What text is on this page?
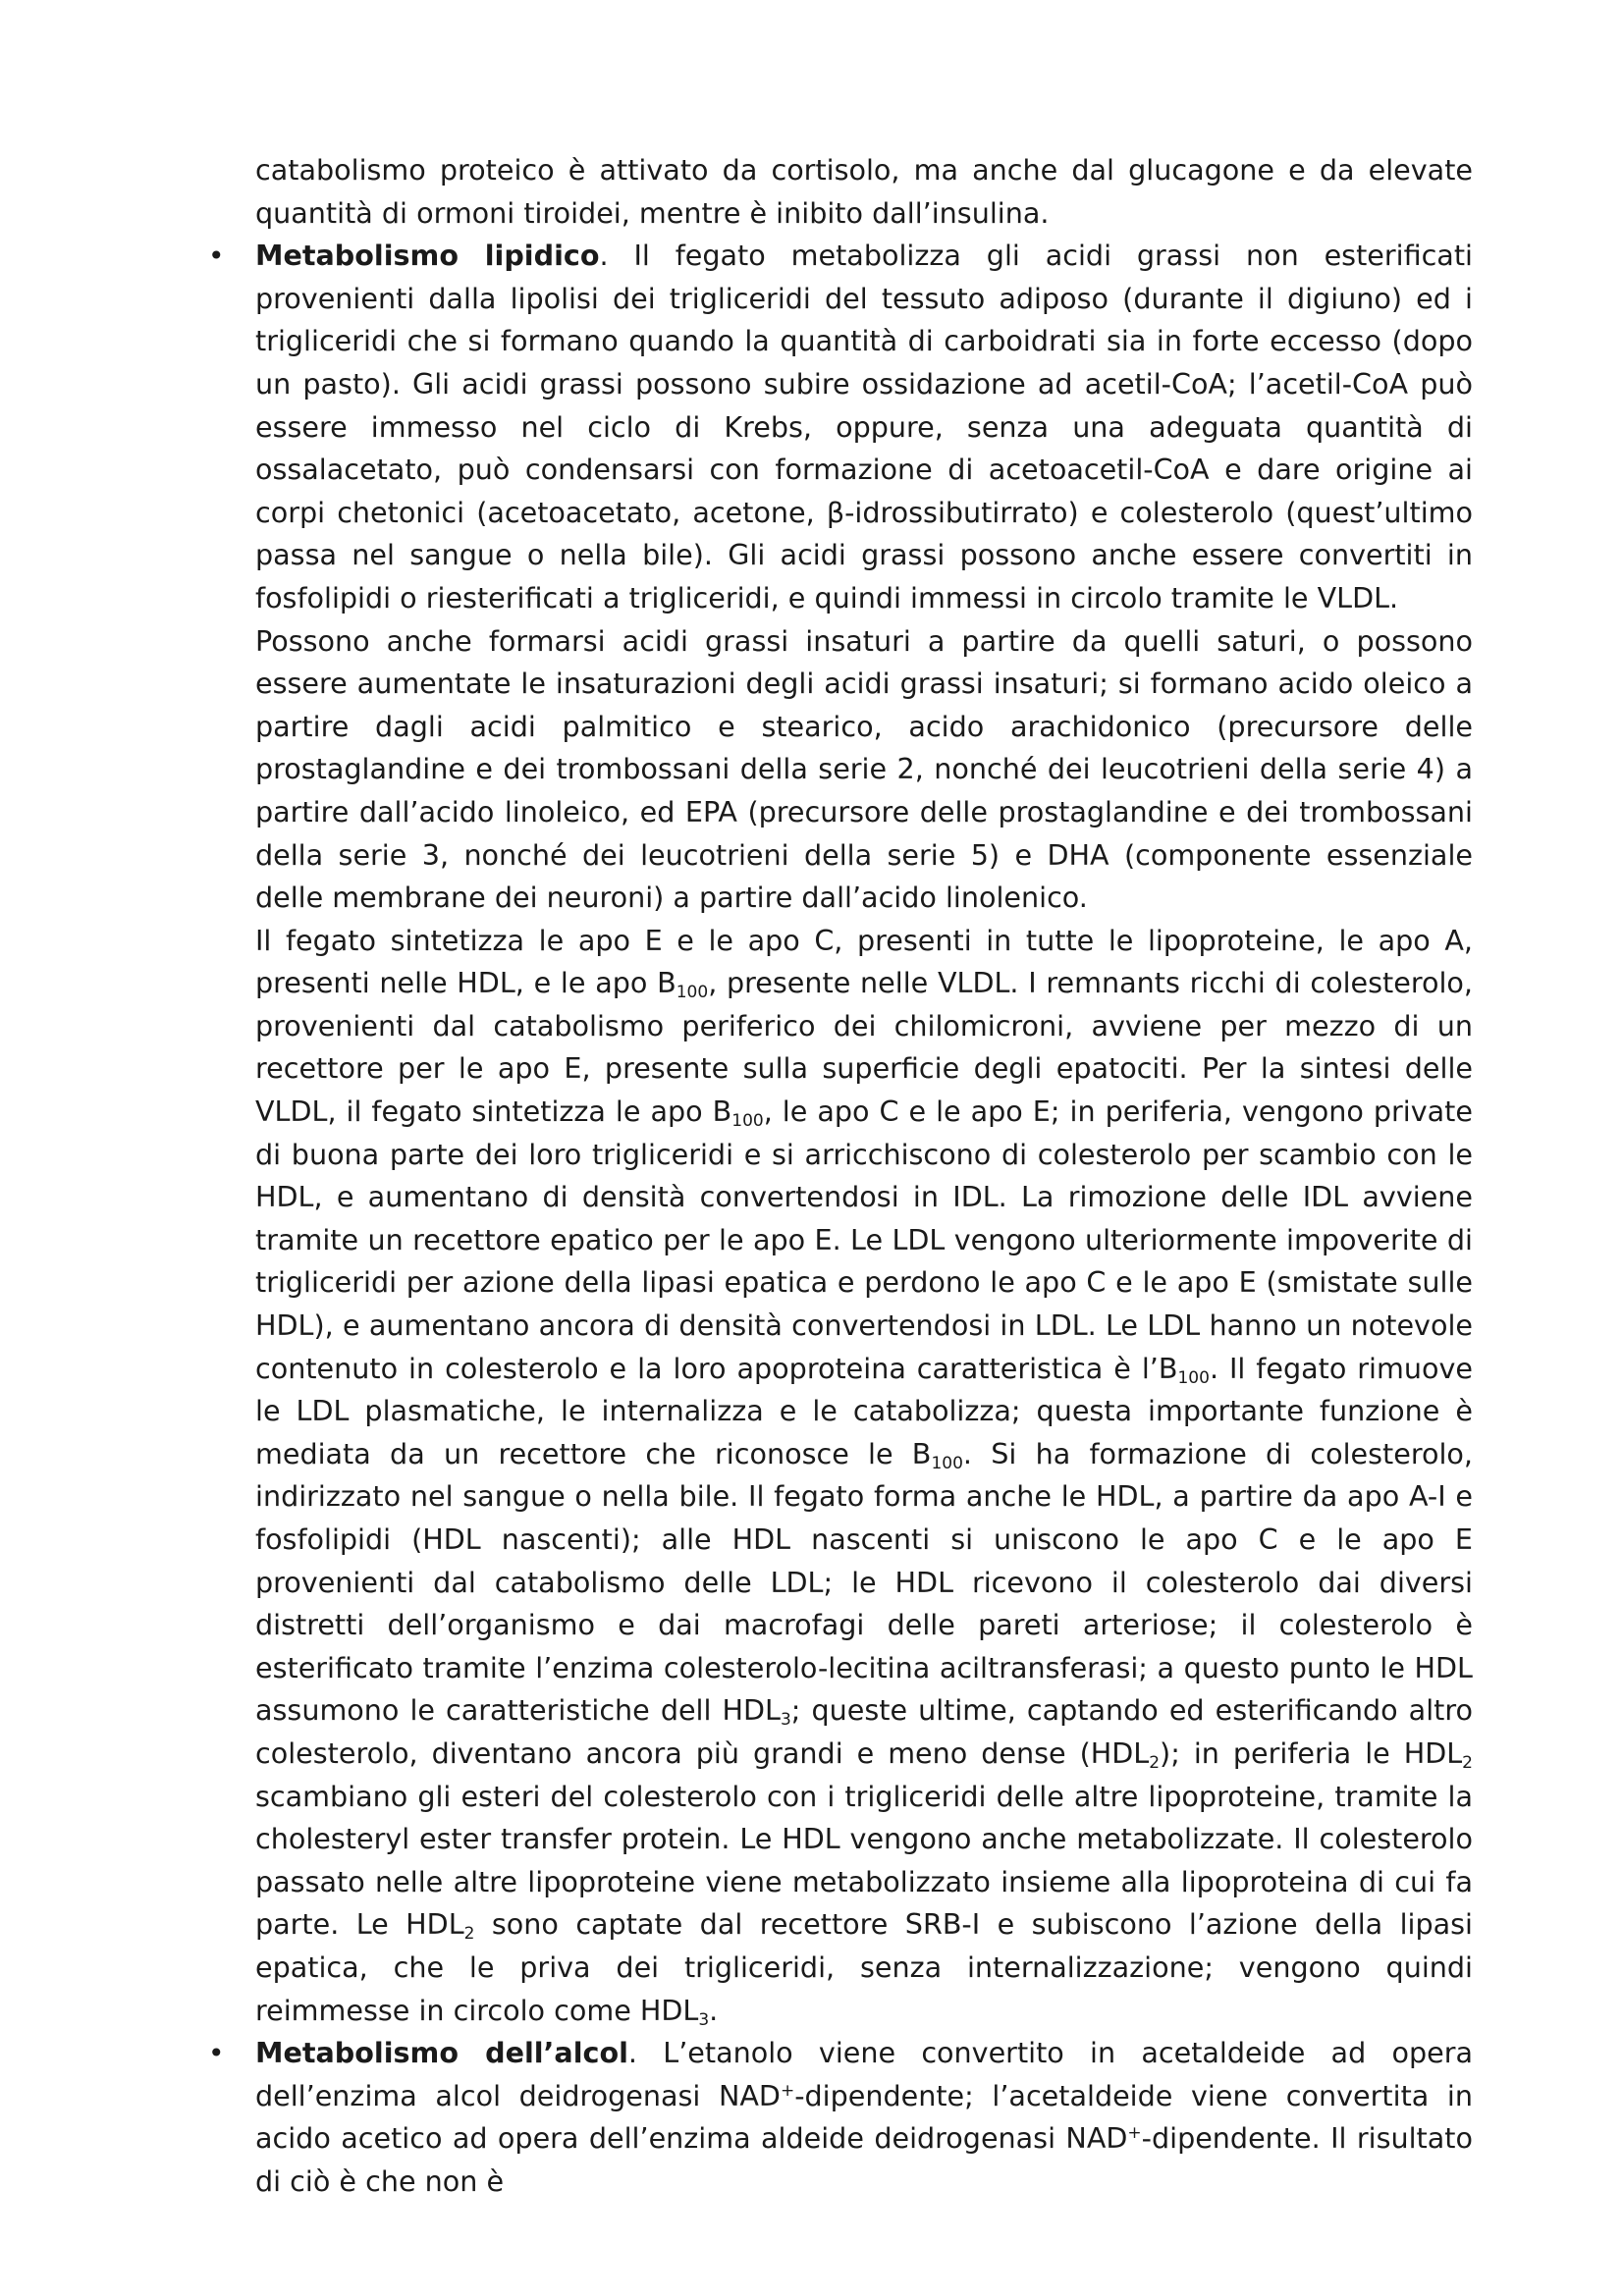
catabolismo proteico è attivato da cortisolo, ma anche dal glucagone e da elevate quantità di ormoni tiroidei, mentre è inibito dall’insulina.

• Metabolismo lipidico. Il fegato metabolizza gli acidi grassi non esterificati provenienti dalla lipolisi dei trigliceridi del tessuto adiposo (durante il digiuno) ed i trigliceridi che si formano quando la quantità di carboidrati sia in forte eccesso (dopo un pasto). Gli acidi grassi possono subire ossidazione ad acetil-CoA; l’acetil-CoA può essere immesso nel ciclo di Krebs, oppure, senza una adeguata quantità di ossalacetato, può condensarsi con formazione di acetoacetil-CoA e dare origine ai corpi chetonici (acetoacetato, acetone, β-idrossibutirrato) e colesterolo (quest’ultimo passa nel sangue o nella bile). Gli acidi grassi possono anche essere convertiti in fosfolipidi o riesterificati a trigliceridi, e quindi immessi in circolo tramite le VLDL.

Possono anche formarsi acidi grassi insaturi a partire da quelli saturi, o possono essere aumentate le insaturazioni degli acidi grassi insaturi; si formano acido oleico a partire dagli acidi palmitico e stearico, acido arachidonico (precursore delle prostaglandine e dei trombossani della serie 2, nonché dei leucotrieni della serie 4) a partire dall’acido linoleico, ed EPA (precursore delle prostaglandine e dei trombossani della serie 3, nonché dei leucotrieni della serie 5) e DHA (componente essenziale delle membrane dei neuroni) a partire dall’acido linolenico.

Il fegato sintetizza le apo E e le apo C, presenti in tutte le lipoproteine, le apo A, presenti nelle HDL, e le apo $B_{100}$, presente nelle VLDL. I remnants ricchi di colesterolo, provenienti dal catabolismo periferico dei chilomicroni, avviene per mezzo di un recettore per le apo E, presente sulla superficie degli epatociti. Per la sintesi delle VLDL, il fegato sintetizza le apo $B_{100}$, le apo C e le apo E; in periferia, vengono private di buona parte dei loro trigliceridi e si arricchiscono di colesterolo per scambio con le HDL, e aumentano di densità convertendosi in IDL. La rimozione delle IDL avviene tramite un recettore epatico per le apo E. Le LDL vengono ulteriormente impoverite di trigliceridi per azione della lipasi epatica e perdono le apo C e le apo E (smistate sulle HDL), e aumentano ancora di densità convertendosi in LDL. Le LDL hanno un notevole contenuto in colesterolo e la loro apoproteina caratteristica è $l’B_{100}$. Il fegato rimuove le LDL plasmatiche, le internalizza e le catabolizza; questa importante funzione è mediata da un recettore che riconosce le $B_{100}$. Si ha formazione di colesterolo, indirizzato nel sangue o nella bile. Il fegato forma anche le HDL, a partire da apo A-I e fosfolipidi (HDL nascenti); alle HDL nascenti si uniscono le apo C e le apo E provenienti dal catabolismo delle LDL; le HDL ricevono il colesterolo dai diversi distretti dell’organismo e dai macrofagi delle pareti arteriose; il colesterolo è esterificato tramite l’enzima colesterolo-lecitina aciltransferasi; a questo punto le HDL assumono le caratteristiche dell $HDL_3$; queste ultime, captando ed esterificando altro colesterolo, diventano ancora più grandi e meno dense $(HDL_2)$; in periferia le $HDL_2$ scambiano gli esteri del colesterolo con i trigliceridi delle altre lipoproteine, tramite la cholesteryl ester transfer protein. Le HDL vengono anche metabolizzate. Il colesterolo passato nelle altre lipoproteine viene metabolizzato insieme alla lipoproteina di cui fa parte. Le $HDL_2$ sono captate dal recettore SRB-I e subiscono l’azione della lipasi epatica, che le priva dei trigliceridi, senza internalizzazione; vengono quindi reimmesse in circolo come $HDL_3$.

• Metabolismo dell’alcol. L’etanolo viene convertito in acetaldeide ad opera dell’enzima alcol deidrogenasi NAD+-dipendente; l’acetaldeide viene convertita in acido acetico ad opera dell’enzima aldeide deidrogenasi NAD+-dipendente. Il risultato di ciò è che non è
